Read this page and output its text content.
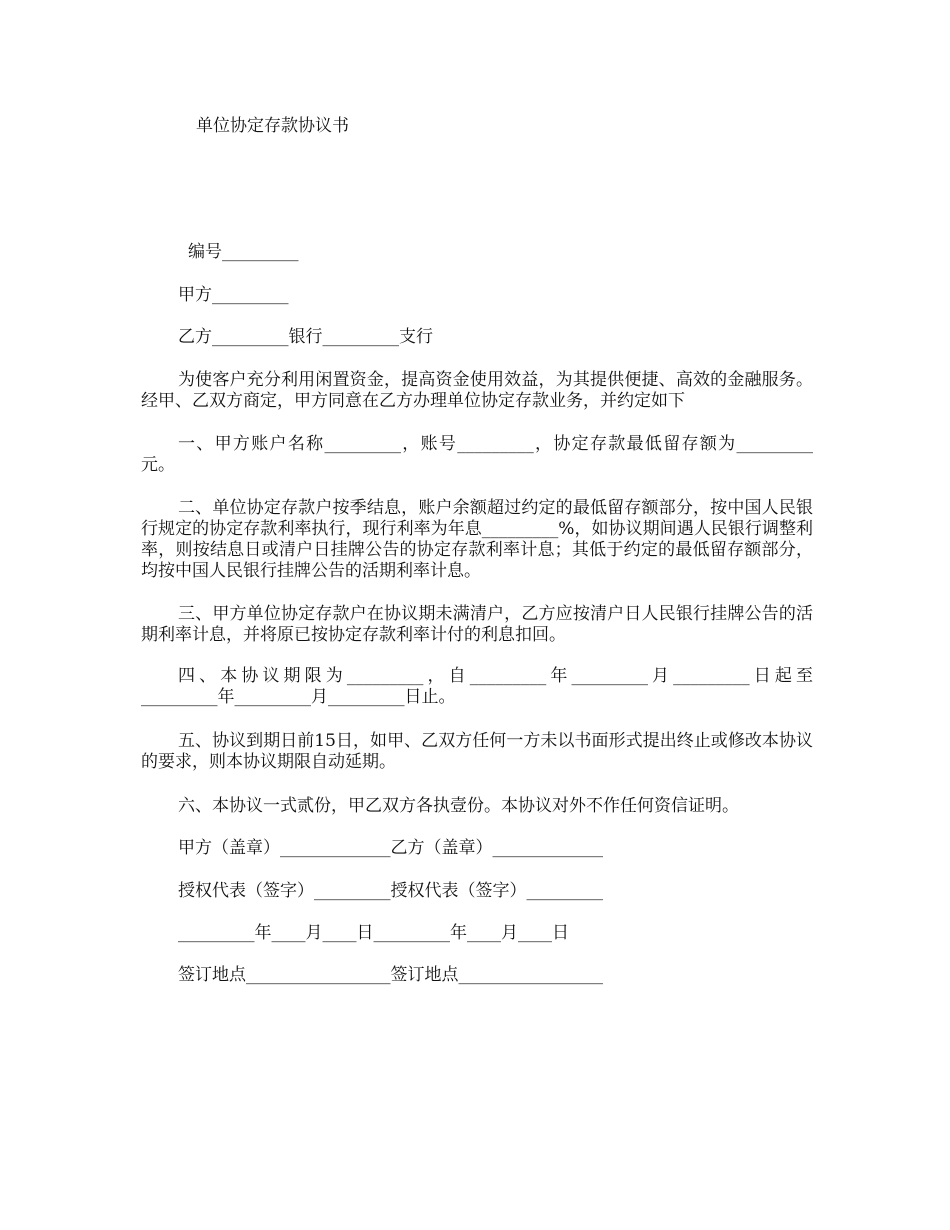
单位协定存款协议书
编号_________
甲方_________
乙方_________银行_________支行
为使客户充分利用闲置资金，提高资金使用效益，为其提供便捷、高效的金融服务。经甲、乙双方商定，甲方同意在乙方办理单位协定存款业务，并约定如下
一、甲方账户名称_________，账号_________，协定存款最低留存额为_________元。
二、单位协定存款户按季结息，账户余额超过约定的最低留存额部分，按中国人民银行规定的协定存款利率执行，现行利率为年息_________%，如协议期间遇人民银行调整利率，则按结息日或清户日挂牌公告的协定存款利率计息；其低于约定的最低留存额部分，均按中国人民银行挂牌公告的活期利率计息。
三、甲方单位协定存款户在协议期未满清户，乙方应按清户日人民银行挂牌公告的活期利率计息，并将原已按协定存款利率计付的利息扣回。
四、本协议期限为_________，自_________年_________月_________日起至_________年_________月_________日止。
五、协议到期日前15日，如甲、乙双方任何一方未以书面形式提出终止或修改本协议的要求，则本协议期限自动延期。
六、本协议一式贰份，甲乙双方各执壹份。本协议对外不作任何资信证明。
甲方（盖章）_____________乙方（盖章）_____________
授权代表（签字）_________授权代表（签字）_________
_________年____月____日_________年____月____日
签订地点_________________签订地点_________________
